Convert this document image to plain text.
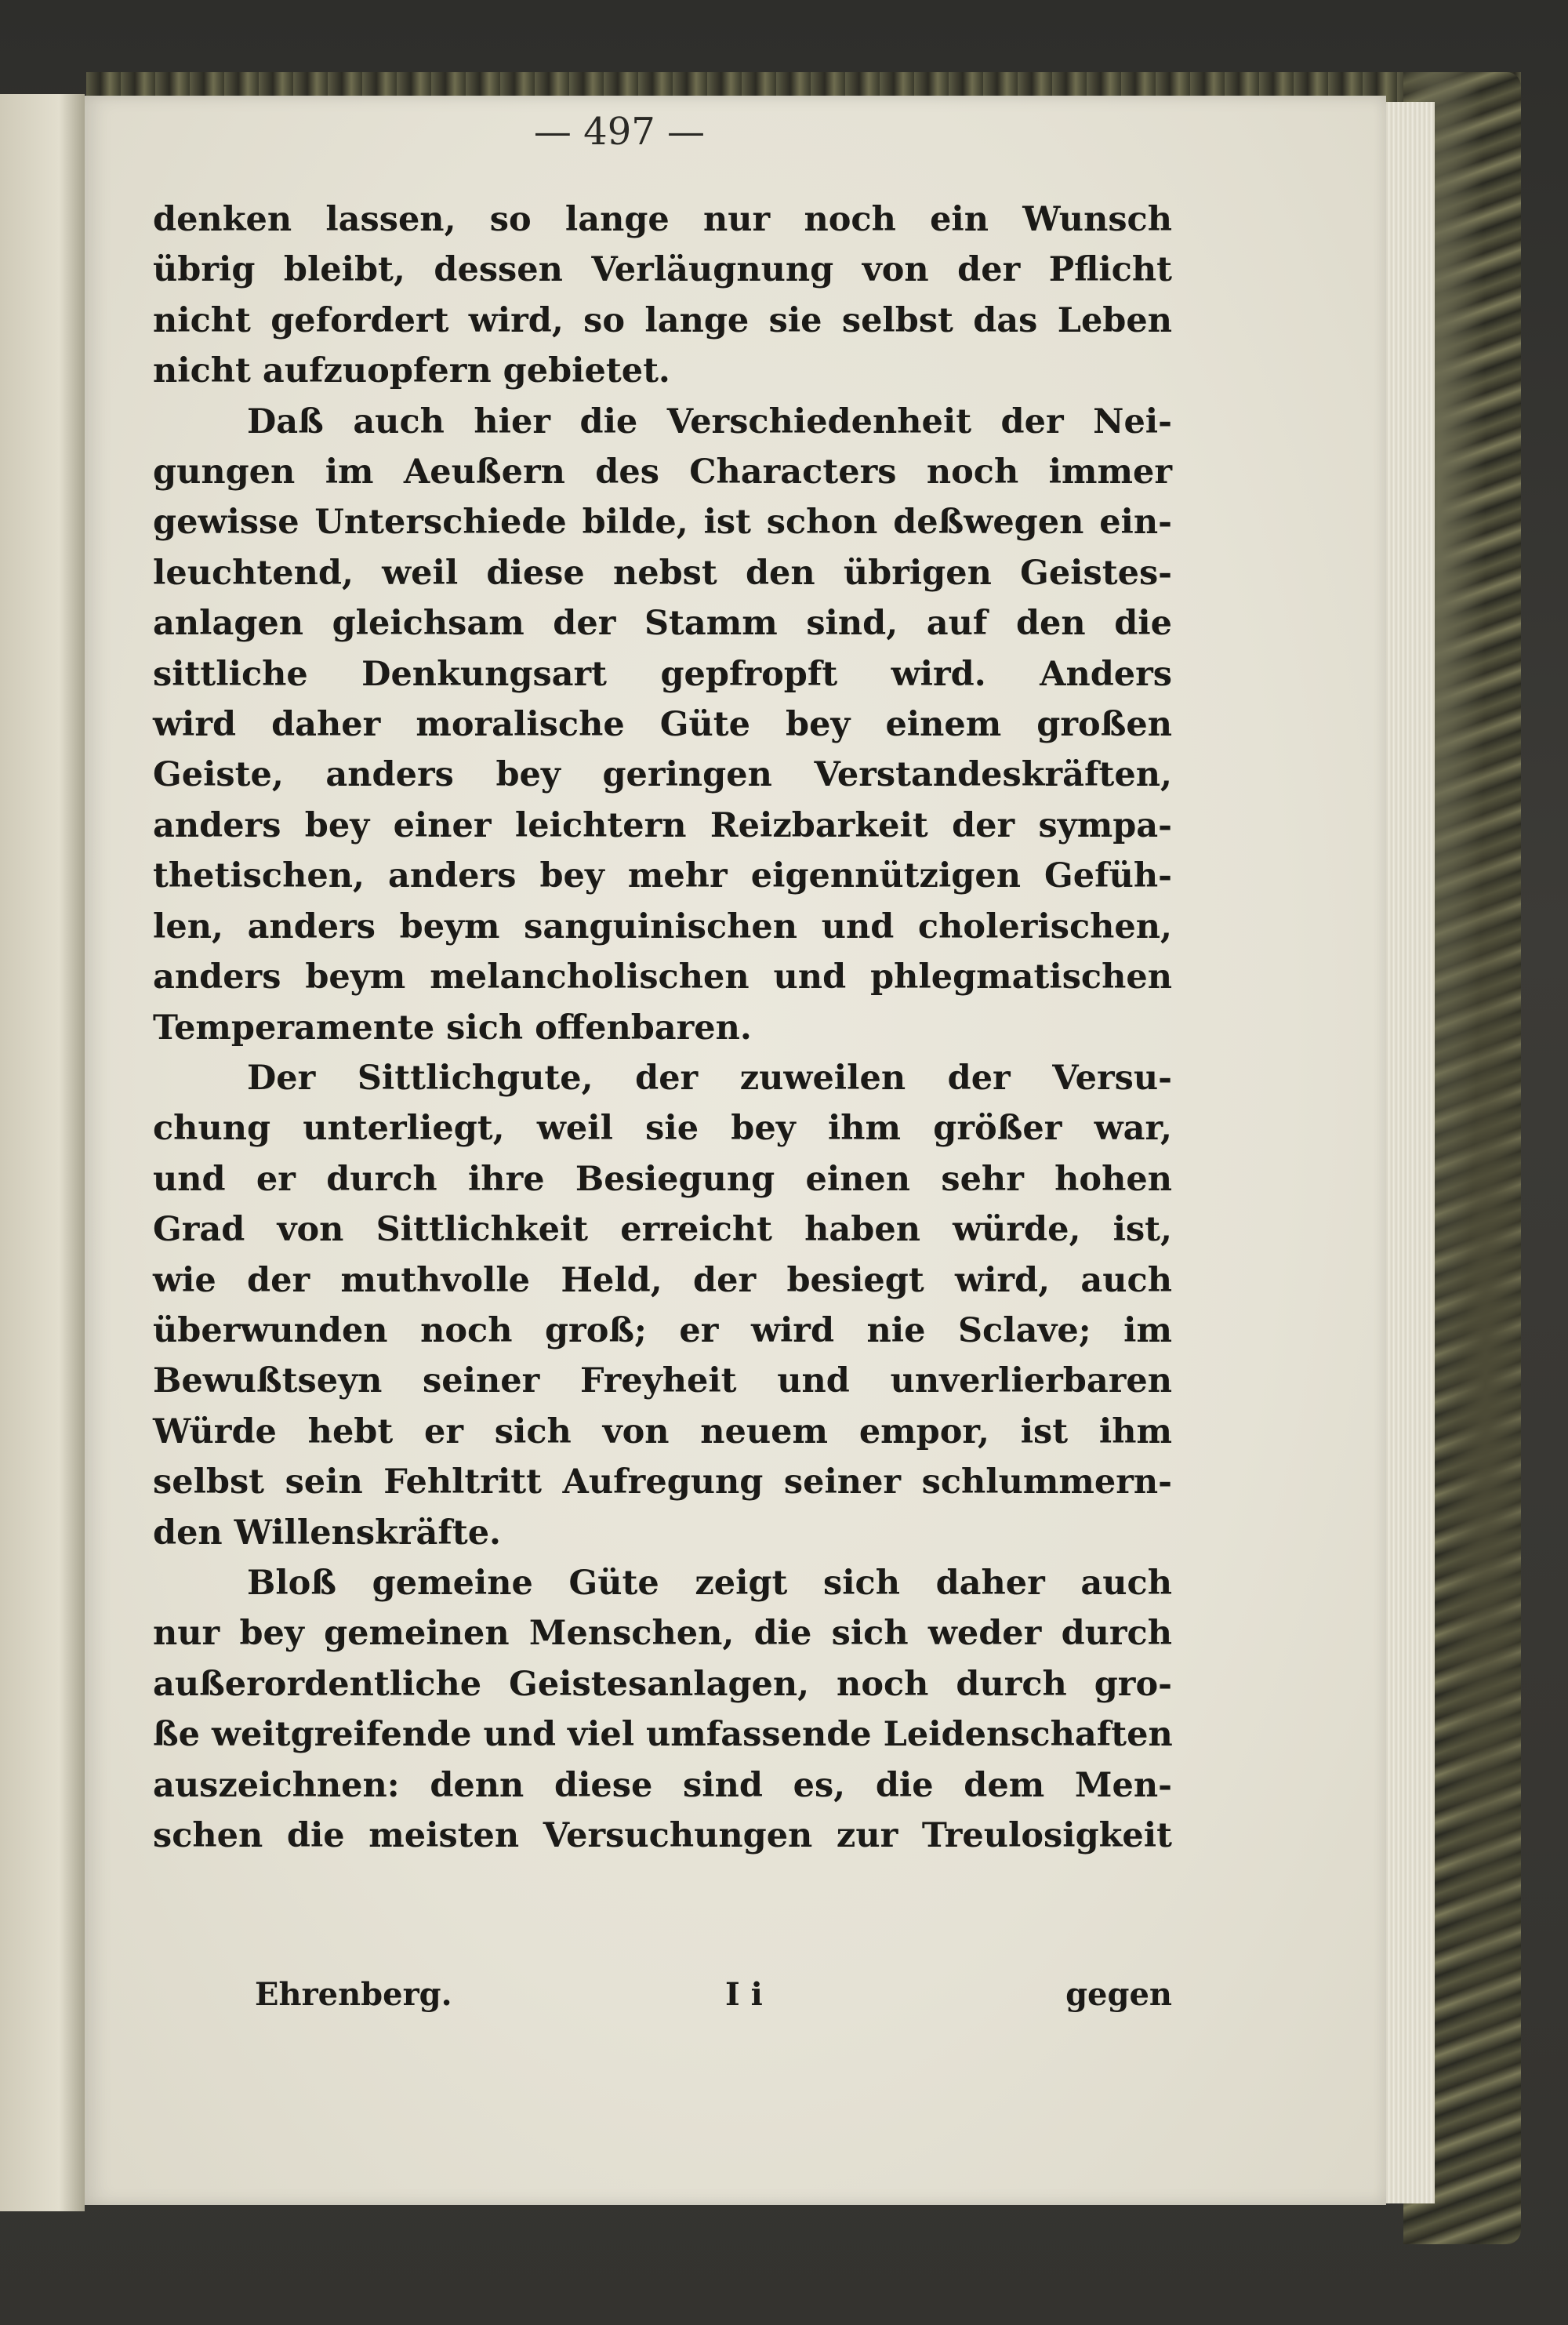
— 497 —
denken lassen, so lange nur noch ein Wunsch
übrig bleibt, dessen Verläugnung von der Pflicht
nicht gefordert wird, so lange sie selbst das Leben
nicht aufzuopfern gebietet.
Daß auch hier die Verschiedenheit der Nei-
gungen im Aeußern des Characters noch immer
gewisse Unterschiede bilde, ist schon deßwegen ein-
leuchtend, weil diese nebst den übrigen Geistes-
anlagen gleichsam der Stamm sind, auf den die
sittliche Denkungsart gepfropft wird. Anders
wird daher moralische Güte bey einem großen
Geiste, anders bey geringen Verstandeskräften,
anders bey einer leichtern Reizbarkeit der sympa-
thetischen, anders bey mehr eigennützigen Gefüh-
len, anders beym sanguinischen und cholerischen,
anders beym melancholischen und phlegmatischen
Temperamente sich offenbaren.
Der Sittlichgute, der zuweilen der Versu-
chung unterliegt, weil sie bey ihm größer war,
und er durch ihre Besiegung einen sehr hohen
Grad von Sittlichkeit erreicht haben würde, ist,
wie der muthvolle Held, der besiegt wird, auch
überwunden noch groß; er wird nie Sclave; im
Bewußtseyn seiner Freyheit und unverlierbaren
Würde hebt er sich von neuem empor, ist ihm
selbst sein Fehltritt Aufregung seiner schlummern-
den Willenskräfte.
Bloß gemeine Güte zeigt sich daher auch
nur bey gemeinen Menschen, die sich weder durch
außerordentliche Geistesanlagen, noch durch gro-
ße weitgreifende und viel umfassende Leidenschaften
auszeichnen: denn diese sind es, die dem Men-
schen die meisten Versuchungen zur Treulosigkeit
Ehrenberg.	I i	gegen
